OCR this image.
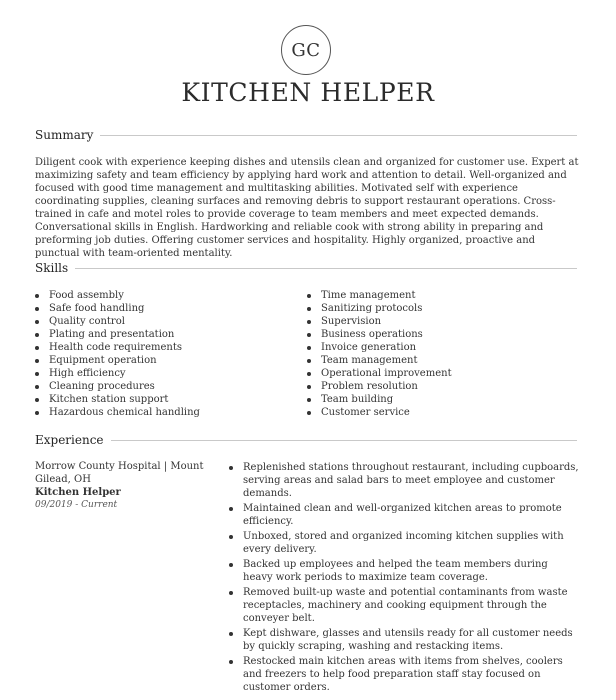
GC
KITCHEN HELPER
Summary
Diligent cook with experience keeping dishes and utensils clean and organized for customer use. Expert at maximizing safety and team efficiency by applying hard work and attention to detail. Well-organized and focused with good time management and multitasking abilities. Motivated self with experience coordinating supplies, cleaning surfaces and removing debris to support restaurant operations. Cross-trained in cafe and motel roles to provide coverage to team members and meet expected demands. Conversational skills in English. Hardworking and reliable cook with strong ability in preparing and preforming job duties. Offering customer services and hospitality. Highly organized, proactive and punctual with team-oriented mentality.
Skills
Food assembly
Safe food handling
Quality control
Plating and presentation
Health code requirements
Equipment operation
High efficiency
Cleaning procedures
Kitchen station support
Hazardous chemical handling
Time management
Sanitizing protocols
Supervision
Business operations
Invoice generation
Team management
Operational improvement
Problem resolution
Team building
Customer service
Experience
Morrow County Hospital | Mount Gilead, OH
Kitchen Helper
09/2019 - Current
Replenished stations throughout restaurant, including cupboards, serving areas and salad bars to meet employee and customer demands.
Maintained clean and well-organized kitchen areas to promote efficiency.
Unboxed, stored and organized incoming kitchen supplies with every delivery.
Backed up employees and helped the team members during heavy work periods to maximize team coverage.
Removed built-up waste and potential contaminants from waste receptacles, machinery and cooking equipment through the conveyer belt.
Kept dishware, glasses and utensils ready for all customer needs by quickly scraping, washing and restacking items.
Restocked main kitchen areas with items from shelves, coolers and freezers to help food preparation staff stay focused on customer orders.
